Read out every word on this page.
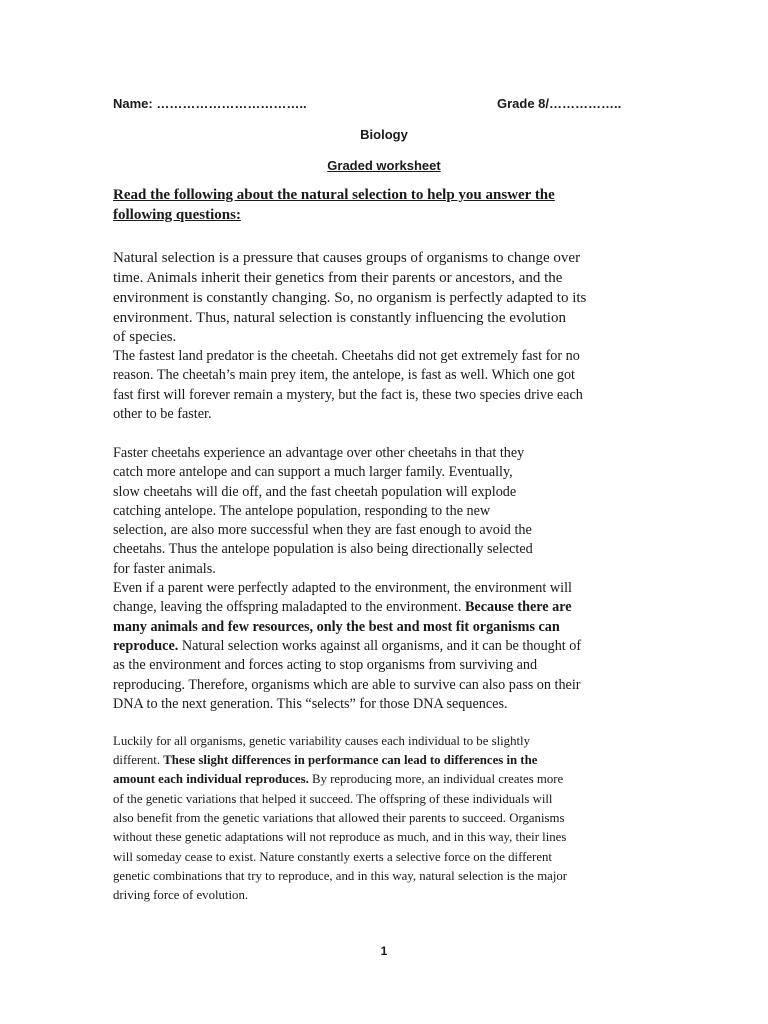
Name: ……………………………..	Grade 8/……………..
Biology
Graded worksheet
Read the following about the natural selection to help you answer the
following questions:
Natural selection is a pressure that causes groups of organisms to change over
time. Animals inherit their genetics from their parents or ancestors, and the
environment is constantly changing. So, no organism is perfectly adapted to its
environment. Thus, natural selection is constantly influencing the evolution
of species.
The fastest land predator is the cheetah. Cheetahs did not get extremely fast for no
reason. The cheetah’s main prey item, the antelope, is fast as well. Which one got
fast first will forever remain a mystery, but the fact is, these two species drive each
other to be faster.
Faster cheetahs experience an advantage over other cheetahs in that they
catch more antelope and can support a much larger family. Eventually,
slow cheetahs will die off, and the fast cheetah population will explode
catching antelope. The antelope population, responding to the new
selection, are also more successful when they are fast enough to avoid the
cheetahs. Thus the antelope population is also being directionally selected
for faster animals.
Even if a parent were perfectly adapted to the environment, the environment will
change, leaving the offspring maladapted to the environment. Because there are
many animals and few resources, only the best and most fit organisms can
reproduce. Natural selection works against all organisms, and it can be thought of
as the environment and forces acting to stop organisms from surviving and
reproducing. Therefore, organisms which are able to survive can also pass on their
DNA to the next generation. This “selects” for those DNA sequences.
Luckily for all organisms, genetic variability causes each individual to be slightly
different. These slight differences in performance can lead to differences in the
amount each individual reproduces. By reproducing more, an individual creates more
of the genetic variations that helped it succeed. The offspring of these individuals will
also benefit from the genetic variations that allowed their parents to succeed. Organisms
without these genetic adaptations will not reproduce as much, and in this way, their lines
will someday cease to exist. Nature constantly exerts a selective force on the different
genetic combinations that try to reproduce, and in this way, natural selection is the major
driving force of evolution.
1
